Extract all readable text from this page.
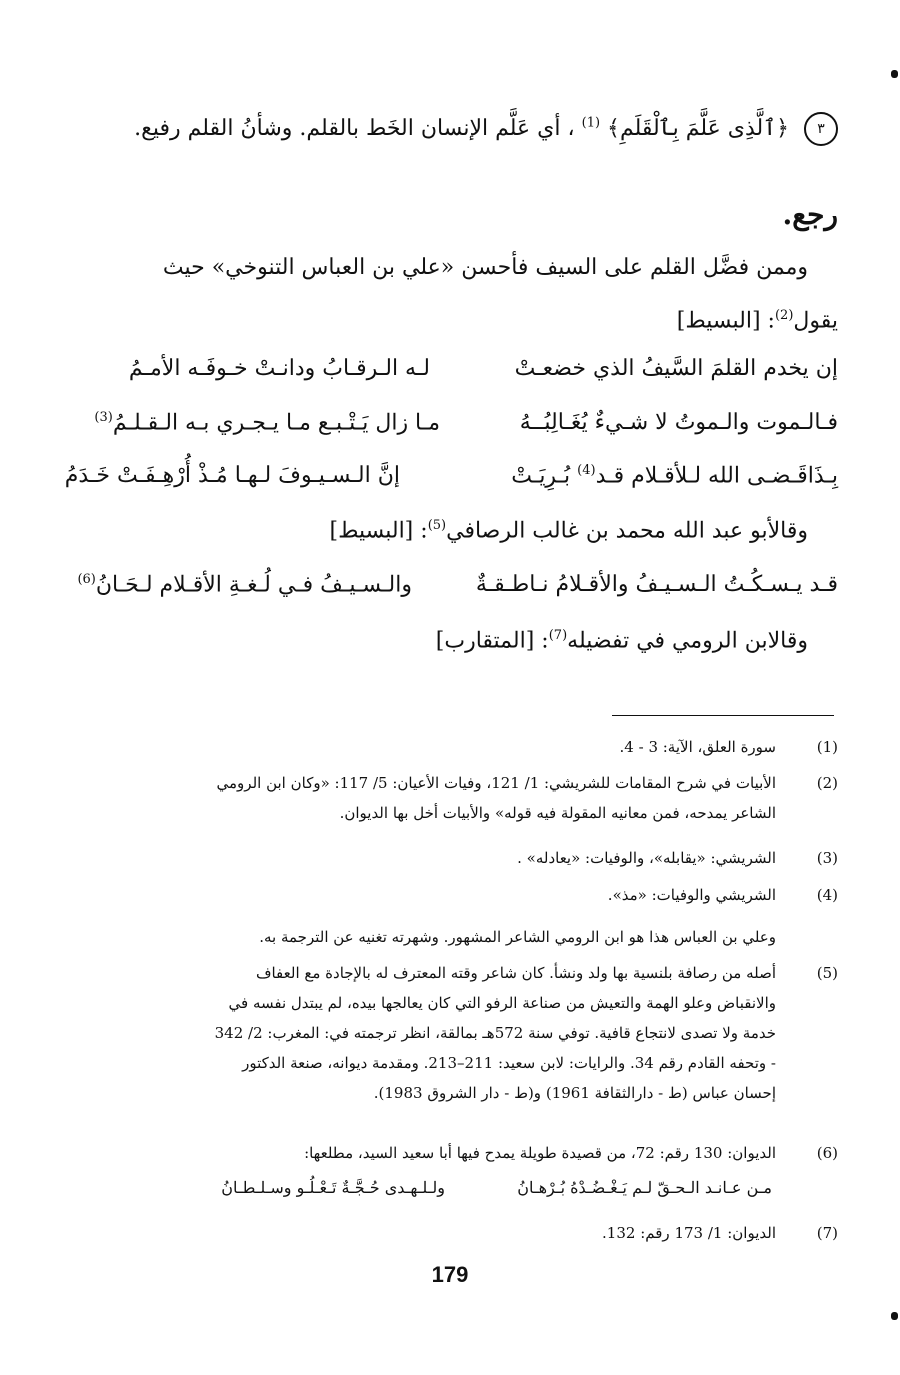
٣ ﴿ٱلَّذِى عَلَّمَ بِٱلْقَلَمِ﴾ $^{(1)}$ ، أي عَلَّم الإنسان الخَط بالقلم. وشأنُ القلم رفيع.
رجع.
وممن فضَّل القلم على السيف فأحسن «علي بن العباس التنوخي» حيث
يقول$^{(2)}$: [البسيط]
إن يخدم القلمَ السَّيفُ الذي خضعـتْ
لـه الـرقـابُ ودانـتْ خـوفَـه الأمـمُ
فـالـموت والـموتُ لا شـيءٌ يُغَـالِبُــهُ
مـا زال يَـتْـبـع مـا يـجـري بـه الـقـلـمُ$^{(3)}$
بِـذَاقَـضـى الله لـلأقـلام قـد$^{(4)}$ بُـرِيَـتْ
إنَّ الـسـيـوفَ لـهـا مُـذْ أُرْهِـفَـتْ خَـدَمُ
وقالأبو عبد الله محمد بن غالب الرصافي$^{(5)}$: [البسيط]
قـد يـسـكُـتُ الـسـيـفُ والأقـلامُ نـاطـقـةٌ
والـسـيـفُ فـي لُـغـةِ الأقـلام لـحَـانُ$^{(6)}$
وقالابن الرومي في تفضيله$^{(7)}$: [المتقارب]
(1)
سورة العلق، الآية: 3 - 4.
(2)
الأبيات في شرح المقامات للشريشي: 1/ 121، وفيات الأعيان: 5/ 117: «وكان ابن الرومي
الشاعر يمدحه، فمن معانيه المقولة فيه قوله» والأبيات أخل بها الديوان.
(3)
الشريشي: «يقابله»، والوفيات: «يعادله» .
(4)
الشريشي والوفيات: «مذ».
وعلي بن العباس هذا هو ابن الرومي الشاعر المشهور. وشهرته تغنيه عن الترجمة به.
(5)
أصله من رصافة بلنسية بها ولد ونشأ. كان شاعر وقته المعترف له بالإجادة مع العفاف
والانقباض وعلو الهمة والتعيش من صناعة الرفو التي كان يعالجها بيده، لم يبتدل نفسه في
خدمة ولا تصدى لانتجاع قافية. توفي سنة 572هـ بمالقة، انظر ترجمته في: المغرب: 2/ 342
- وتحفه القادم رقم 34. والرايات: لابن سعيد: 211–213. ومقدمة ديوانه، صنعة الدكتور
إحسان عباس (ط - دارالثقافة 1961) و(ط - دار الشروق 1983).
(6)
الديوان: 130 رقم: 72، من قصيدة طويلة يمدح فيها أبا سعيد السيد، مطلعها:
مـن عـانـد الـحـقّ لـم يَـغْـضُـدْهُ بُـرْهـانُ
ولـلـهـدى حُـجَّـةٌ تَـعْـلُـو وسـلـطـانُ
(7)
الديوان: 1/ 173 رقم: 132.
179
